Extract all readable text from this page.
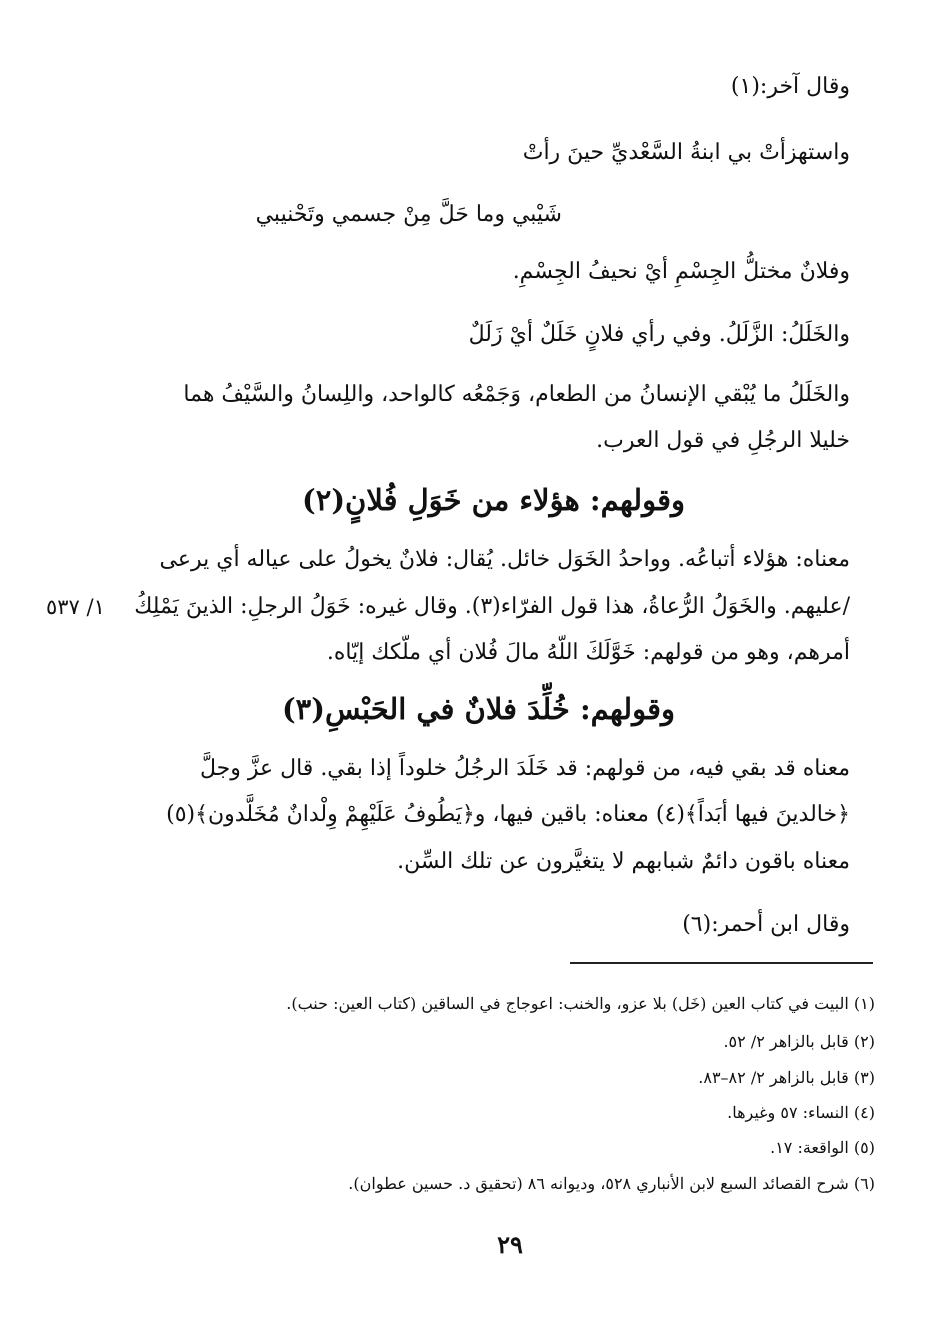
وقال آخر:(١)
واستهزأتْ بي ابنةُ السَّعْديِّ حينَ رأتْ
شَيْبي وما حَلَّ مِنْ جسمي وتَحْنيبي
وفلانٌ مختلُّ الجِسْمِ أيْ نحيفُ الجِسْمِ.
والخَلَلُ: الزَّلَلُ. وفي رأي فلانٍ خَلَلٌ أيْ زَلَلٌ
والخَلَلُ ما يُبْقي الإنسانُ من الطعام، وَجَمْعُه كالواحد، واللِسانُ والسَّيْفُ هما
خليلا الرجُلِ في قول العرب.
وقولهم: هؤلاء من خَوَلِ فُلانٍ(٢)
معناه: هؤلاء أتباعُه. وواحدُ الخَوَل خائل. يُقال: فلانٌ يخولُ على عياله أي يرعى
/عليهم. والخَوَلُ الرُّعاةُ، هذا قول الفرّاء(٣). وقال غيره: خَوَلُ الرجلِ: الذينَ يَمْلِكُ
١/ ٥٣٧
أمرهم، وهو من قولهم: خَوَّلَكَ اللّهُ مالَ فُلان أي ملّكك إيّاه.
وقولهم: خُلِّدَ فلانٌ في الحَبْسِ(٣)
معناه قد بقي فيه، من قولهم: قد خَلَدَ الرجُلُ خلوداً إذا بقي. قال عزَّ وجلَّ
﴿خالدينَ فيها أبَداً﴾(٤) معناه: باقين فيها، و﴿يَطُوفُ عَلَيْهِمْ وِلْدانٌ مُخَلَّدون﴾(٥)
معناه باقون دائمٌ شبابهم لا يتغيَّرون عن تلك السِّن.
وقال ابن أحمر:(٦)
(١) البيت في كتاب العين (خَل) بلا عزو، والخنب: اعوجاج في الساقين (كتاب العين: حنب).
(٢) قابل بالزاهر ٢/ ٥٢.
(٣) قابل بالزاهر ٢/ ٨٢–٨٣.
(٤) النساء: ٥٧ وغيرها.
(٥) الواقعة: ١٧.
(٦) شرح القصائد السبع لابن الأنباري ٥٢٨، وديوانه ٨٦ (تحقيق د. حسين عطوان).
٢٩
